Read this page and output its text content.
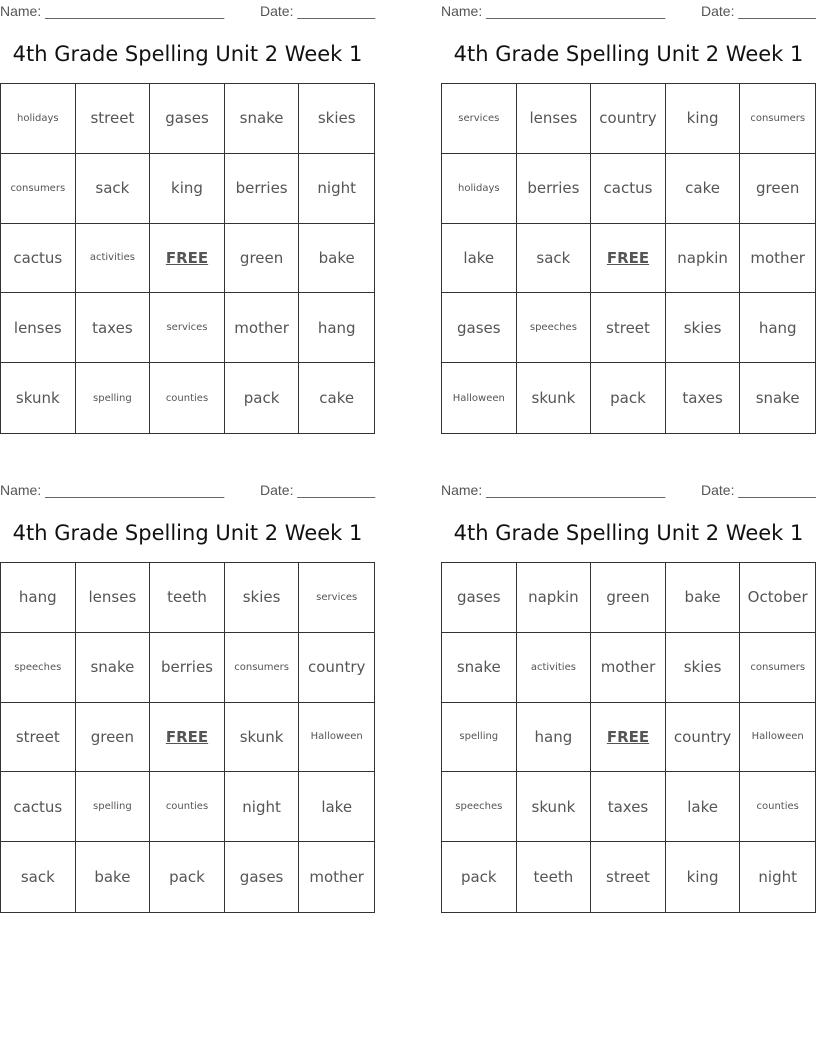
Name: _______________________	Date: __________
4th Grade Spelling Unit 2 Week 1
holidays	street	gases	snake	skies
consumers	sack	king	berries	night
cactus	activities	FREE	green	bake
lenses	taxes	services	mother	hang
skunk	spelling	counties	pack	cake
Name: _______________________	Date: __________
4th Grade Spelling Unit 2 Week 1
services	lenses	country	king	consumers
holidays	berries	cactus	cake	green
lake	sack	FREE	napkin	mother
gases	speeches	street	skies	hang
Halloween	skunk	pack	taxes	snake
Name: _______________________	Date: __________
4th Grade Spelling Unit 2 Week 1
hang	lenses	teeth	skies	services
speeches	snake	berries	consumers	country
street	green	FREE	skunk	Halloween
cactus	spelling	counties	night	lake
sack	bake	pack	gases	mother
Name: _______________________	Date: __________
4th Grade Spelling Unit 2 Week 1
gases	napkin	green	bake	October
snake	activities	mother	skies	consumers
spelling	hang	FREE	country	Halloween
speeches	skunk	taxes	lake	counties
pack	teeth	street	king	night
